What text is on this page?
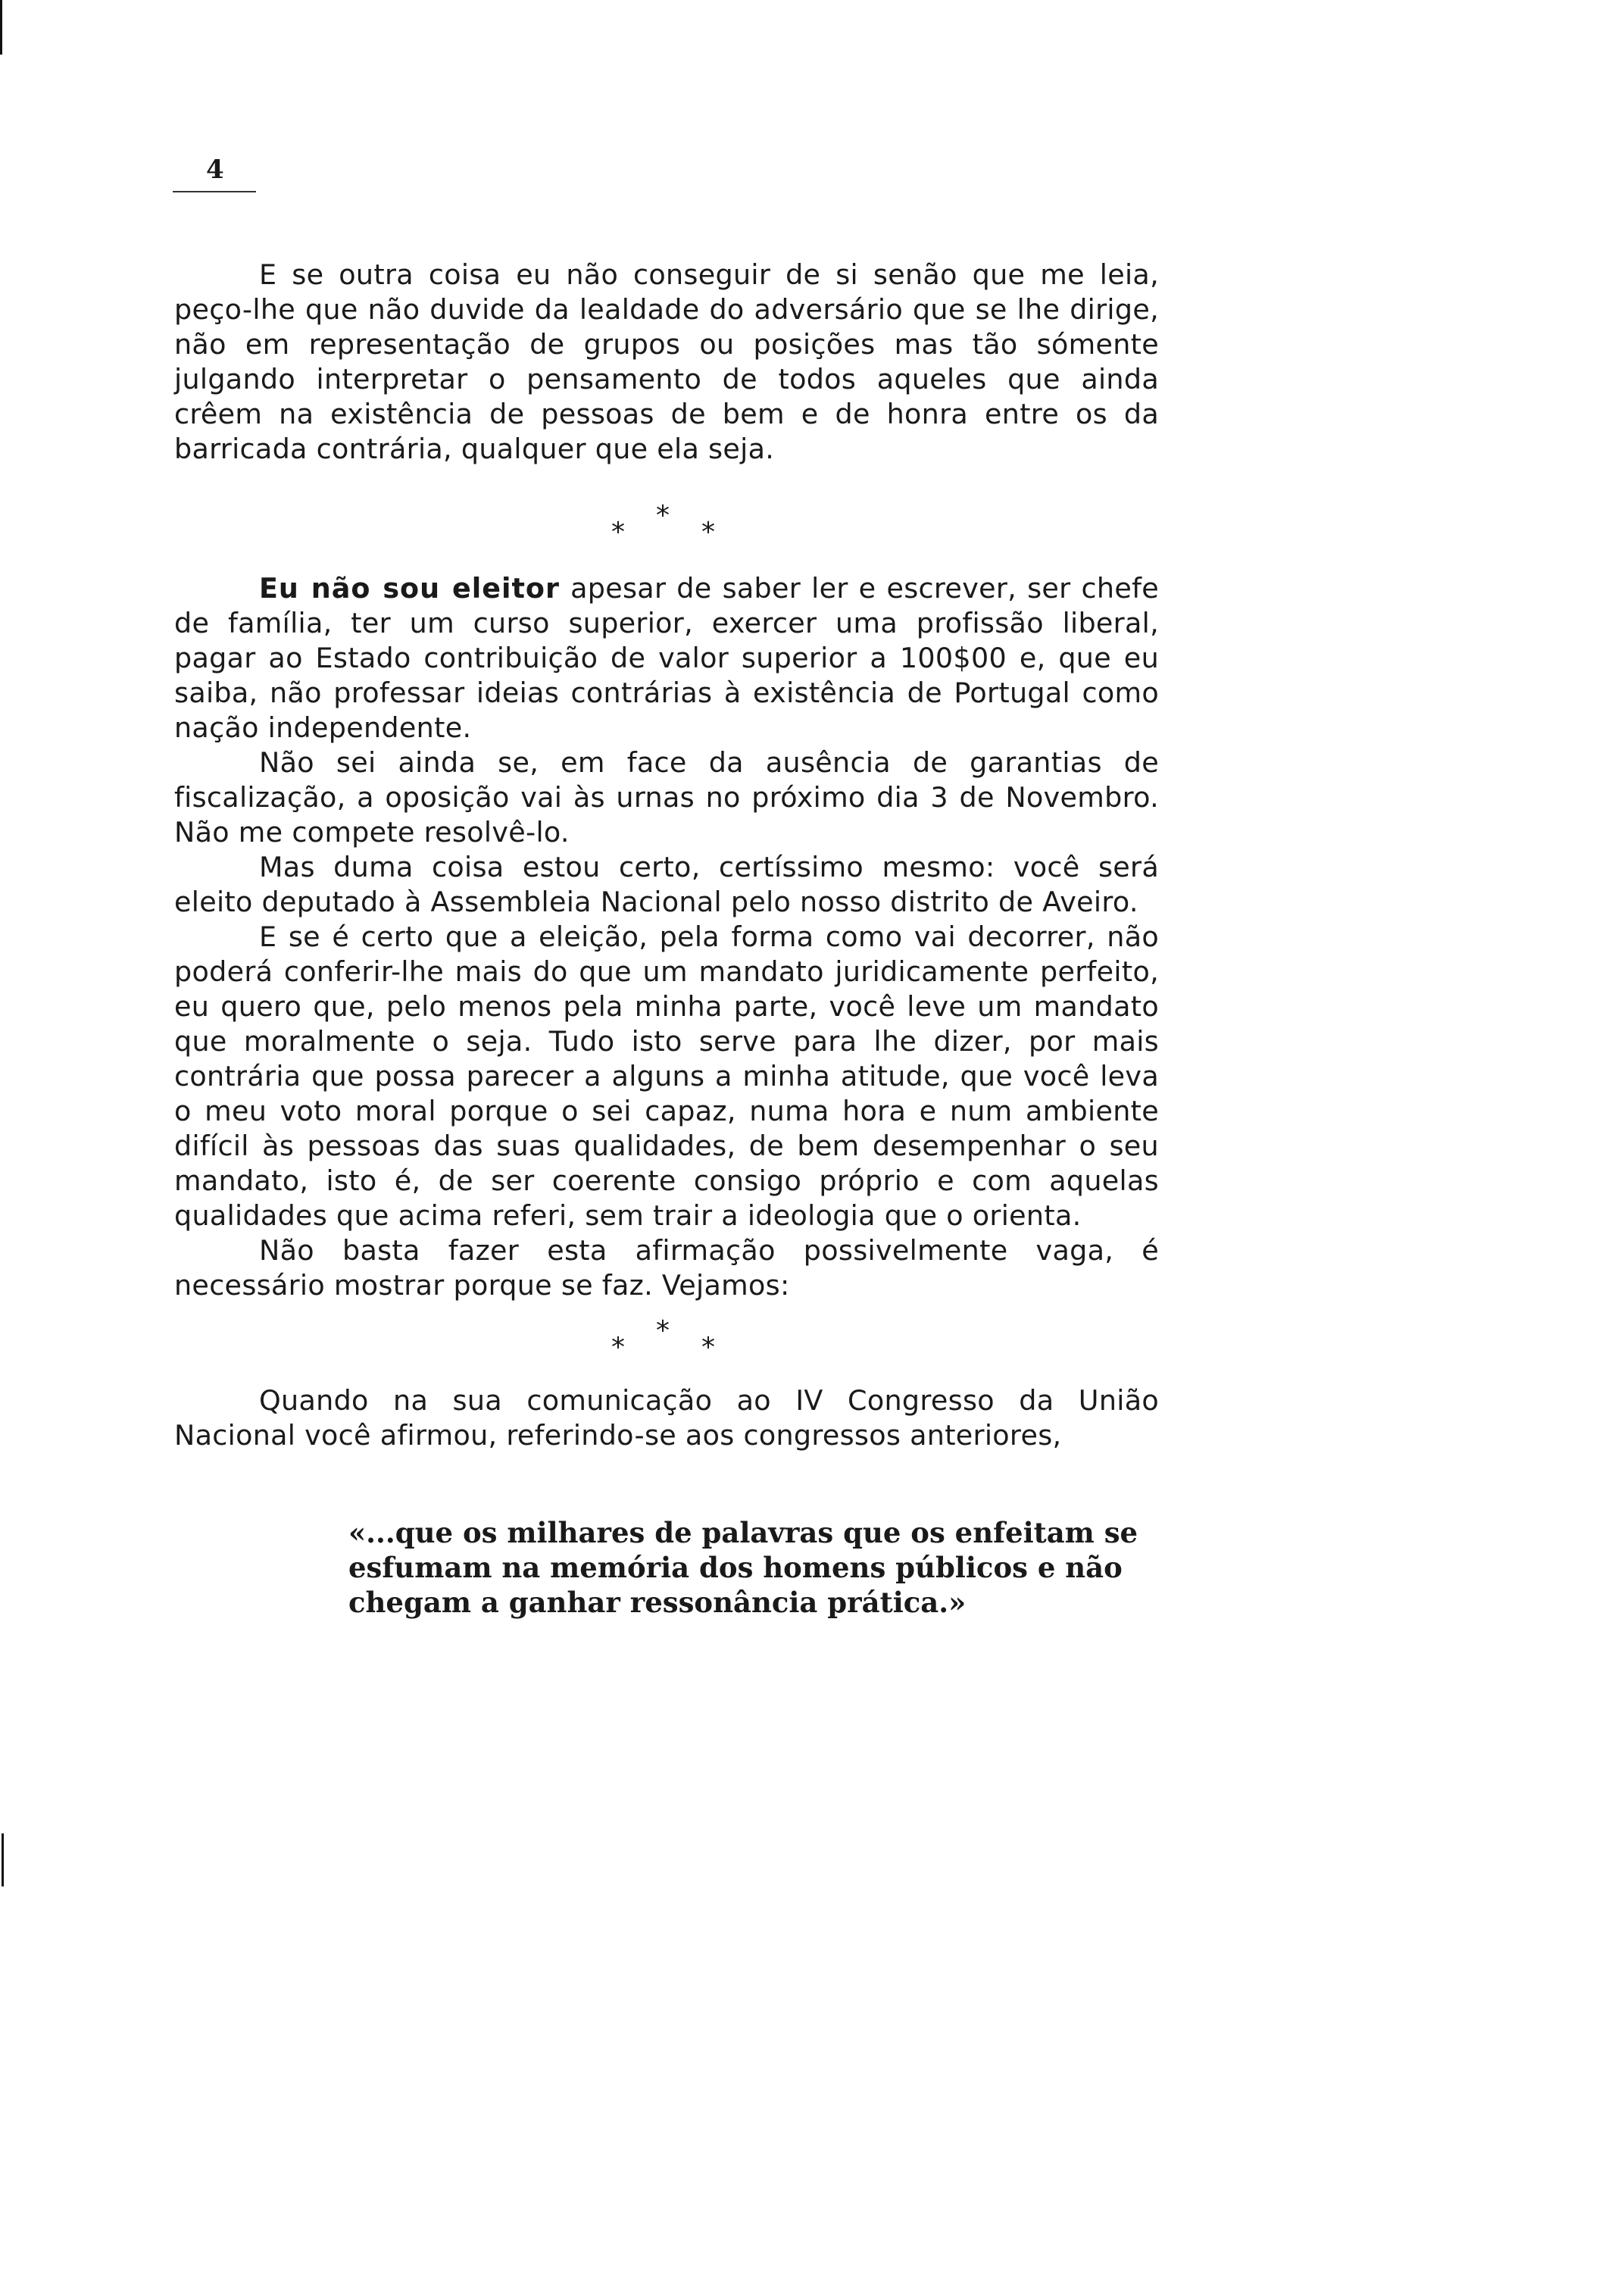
4

E se outra coisa eu não conseguir de si senão que me leia, peço-lhe que não duvide da lealdade do adversário que se lhe dirige, não em representação de grupos ou posições mas tão sómente julgando interpretar o pensamento de todos aqueles que ainda crêem na existência de pessoas de bem e de honra entre os da barricada contrária, qualquer que ela seja.

*
*
*

Eu não sou eleitor apesar de saber ler e escrever, ser chefe de família, ter um curso superior, exercer uma profissão liberal, pagar ao Estado contribuição de valor superior a 100$00 e, que eu saiba, não professar ideias contrárias à existência de Portugal como nação independente.

Não sei ainda se, em face da ausência de garantias de fiscalização, a oposição vai às urnas no próximo dia 3 de Novembro. Não me compete resolvê-lo.

Mas duma coisa estou certo, certíssimo mesmo: você será eleito deputado à Assembleia Nacional pelo nosso distrito de Aveiro.

E se é certo que a eleição, pela forma como vai decorrer, não poderá conferir-lhe mais do que um mandato juridicamente perfeito, eu quero que, pelo menos pela minha parte, você leve um mandato que moralmente o seja. Tudo isto serve para lhe dizer, por mais contrária que possa parecer a alguns a minha atitude, que você leva o meu voto moral porque o sei capaz, numa hora e num ambiente difícil às pessoas das suas qualidades, de bem desempenhar o seu mandato, isto é, de ser coerente consigo próprio e com aquelas qualidades que acima referi, sem trair a ideologia que o orienta.

Não basta fazer esta afirmação possivelmente vaga, é necessário mostrar porque se faz. Vejamos:

*
*
*

Quando na sua comunicação ao IV Congresso da União Nacional você afirmou, referindo-se aos congressos anteriores,

«...que os milhares de palavras que os enfeitam se esfumam na memória dos homens públicos e não chegam a ganhar ressonância prática.»
